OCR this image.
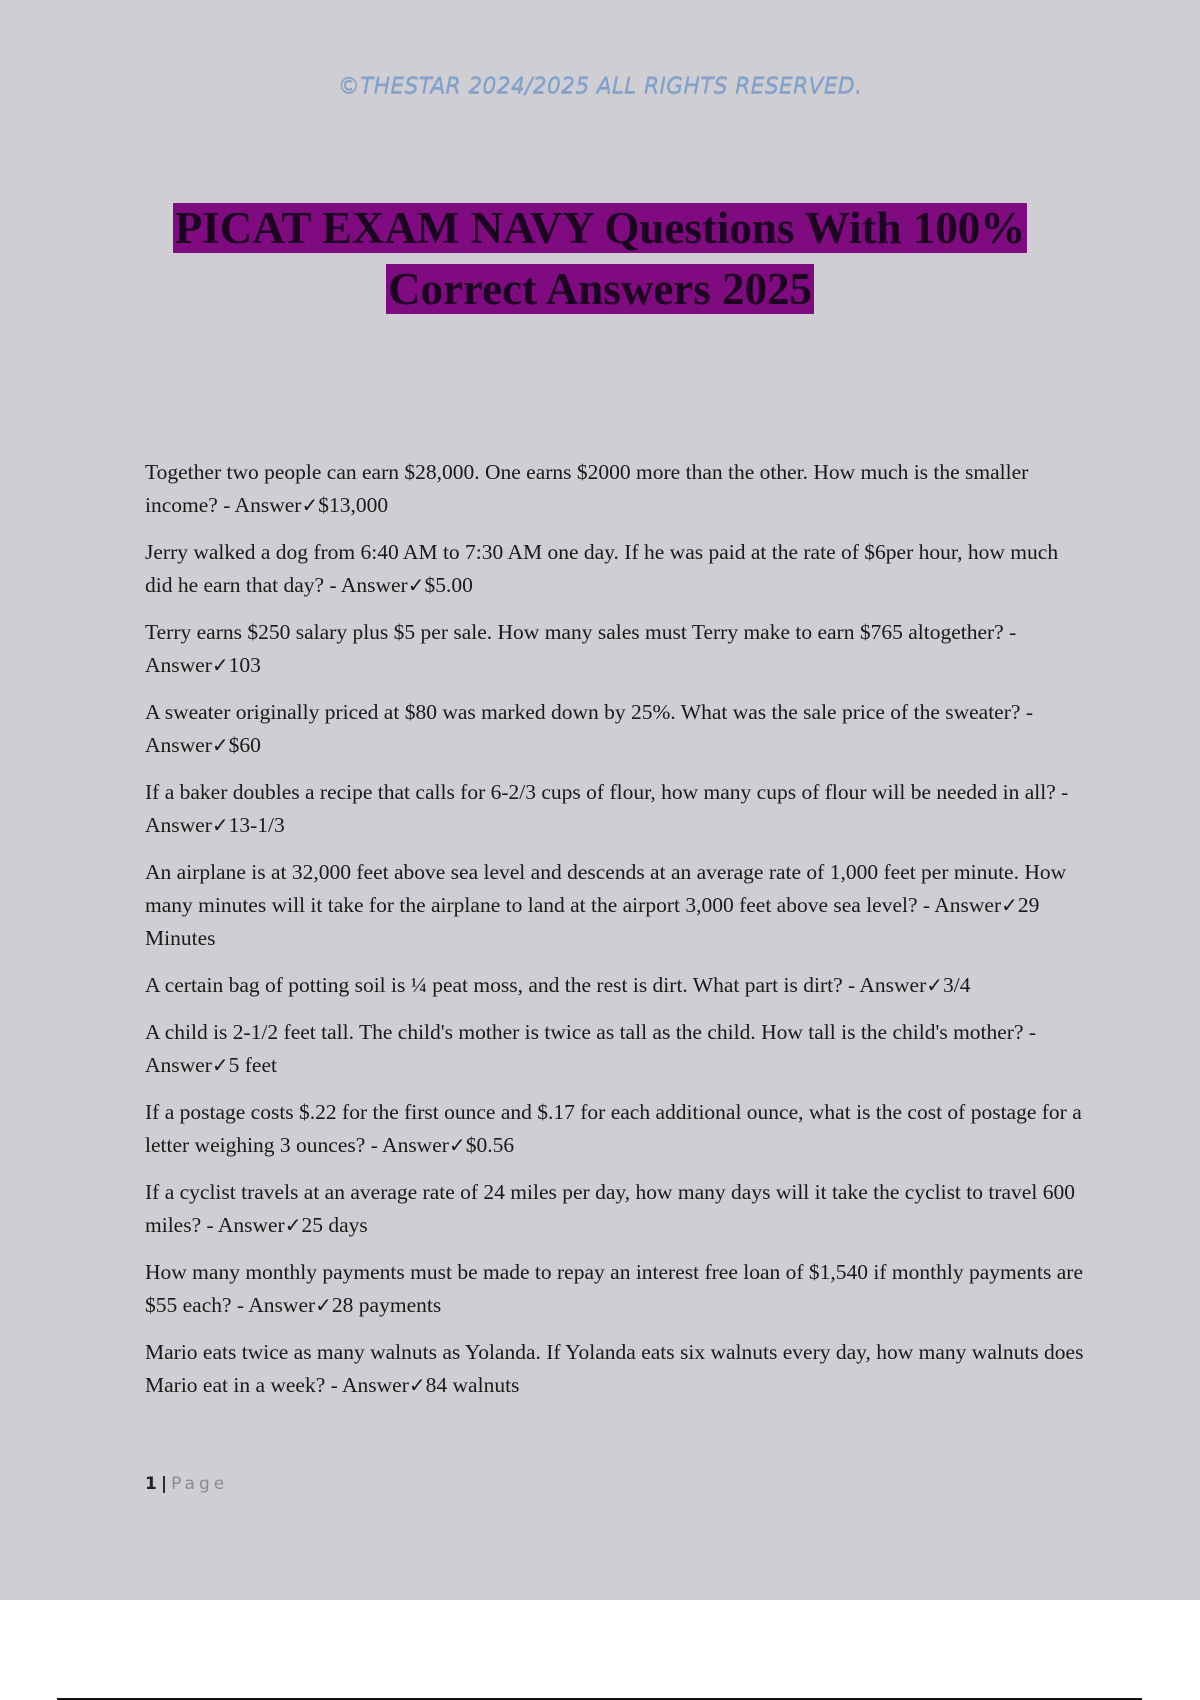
©THESTAR 2024/2025 ALL RIGHTS RESERVED.
PICAT EXAM NAVY Questions With 100%
Correct Answers 2025
Together two people can earn $28,000. One earns $2000 more than the other. How much is the smaller income? - Answer✓$13,000
Jerry walked a dog from 6:40 AM to 7:30 AM one day. If he was paid at the rate of $6per hour, how much did he earn that day? - Answer✓$5.00
Terry earns $250 salary plus $5 per sale. How many sales must Terry make to earn $765 altogether? - Answer✓103
A sweater originally priced at $80 was marked down by 25%. What was the sale price of the sweater? - Answer✓$60
If a baker doubles a recipe that calls for 6-2/3 cups of flour, how many cups of flour will be needed in all? - Answer✓13-1/3
An airplane is at 32,000 feet above sea level and descends at an average rate of 1,000 feet per minute. How many minutes will it take for the airplane to land at the airport 3,000 feet above sea level? - Answer✓29 Minutes
A certain bag of potting soil is ¼ peat moss, and the rest is dirt. What part is dirt? - Answer✓3/4
A child is 2-1/2 feet tall. The child's mother is twice as tall as the child. How tall is the child's mother? - Answer✓5 feet
If a postage costs $.22 for the first ounce and $.17 for each additional ounce, what is the cost of postage for a letter weighing 3 ounces? - Answer✓$0.56
If a cyclist travels at an average rate of 24 miles per day, how many days will it take the cyclist to travel 600 miles? - Answer✓25 days
How many monthly payments must be made to repay an interest free loan of $1,540 if monthly payments are $55 each? - Answer✓28 payments
Mario eats twice as many walnuts as Yolanda. If Yolanda eats six walnuts every day, how many walnuts does Mario eat in a week? - Answer✓84 walnuts
1 | Page
